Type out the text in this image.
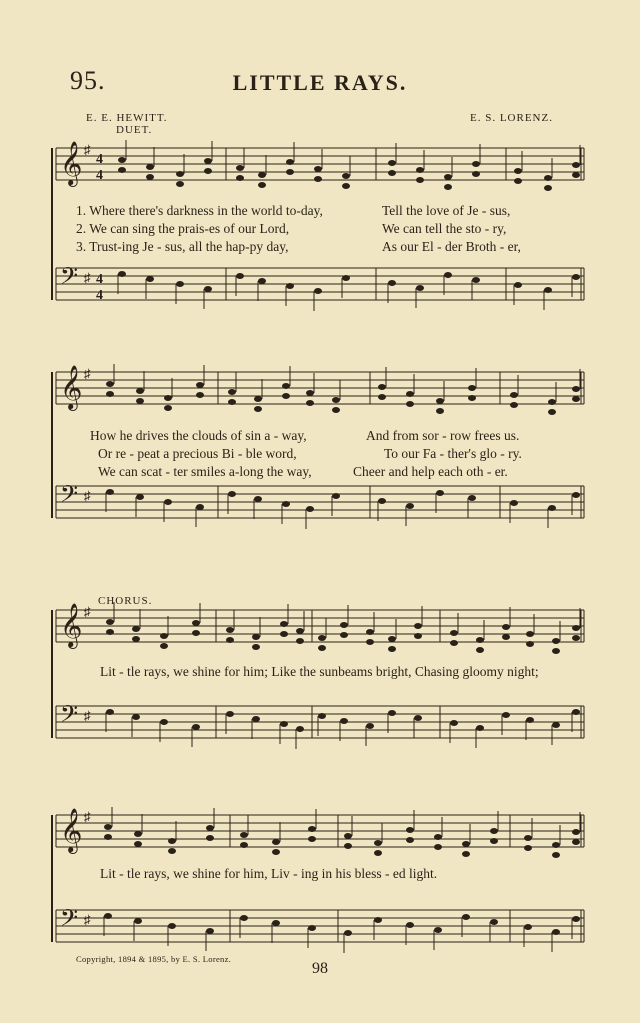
95.	LITTLE RAYS.
E. E. HEWITT.
DUET.
E. S. LORENZ.
𝄞 ♯
4
4
𝄢 ♯ 4
4
𝄞 ♯
𝄢 ♯
𝄞 ♯
𝄢 ♯
𝄞 ♯
𝄢 ♯
1. Where there's darkness in the world to-day,	Tell the love of Je - sus,
2. We can sing the prais-es of our Lord,	We can tell the sto - ry,
3. Trust-ing Je - sus, all the hap-py day,	As our El - der Broth - er,
How he drives the clouds of sin a - way,	And from sor - row frees us.
Or re - peat a precious Bi - ble word,	To our Fa - ther's glo - ry.
We can scat - ter smiles a-long the way,	Cheer and help each oth - er.
CHORUS.
Lit - tle rays, we shine for him; Like the sunbeams bright, Chasing gloomy night;
Lit - tle rays, we shine for him, Liv - ing in his bless - ed light.
Copyright, 1894 & 1895, by E. S. Lorenz.
98
